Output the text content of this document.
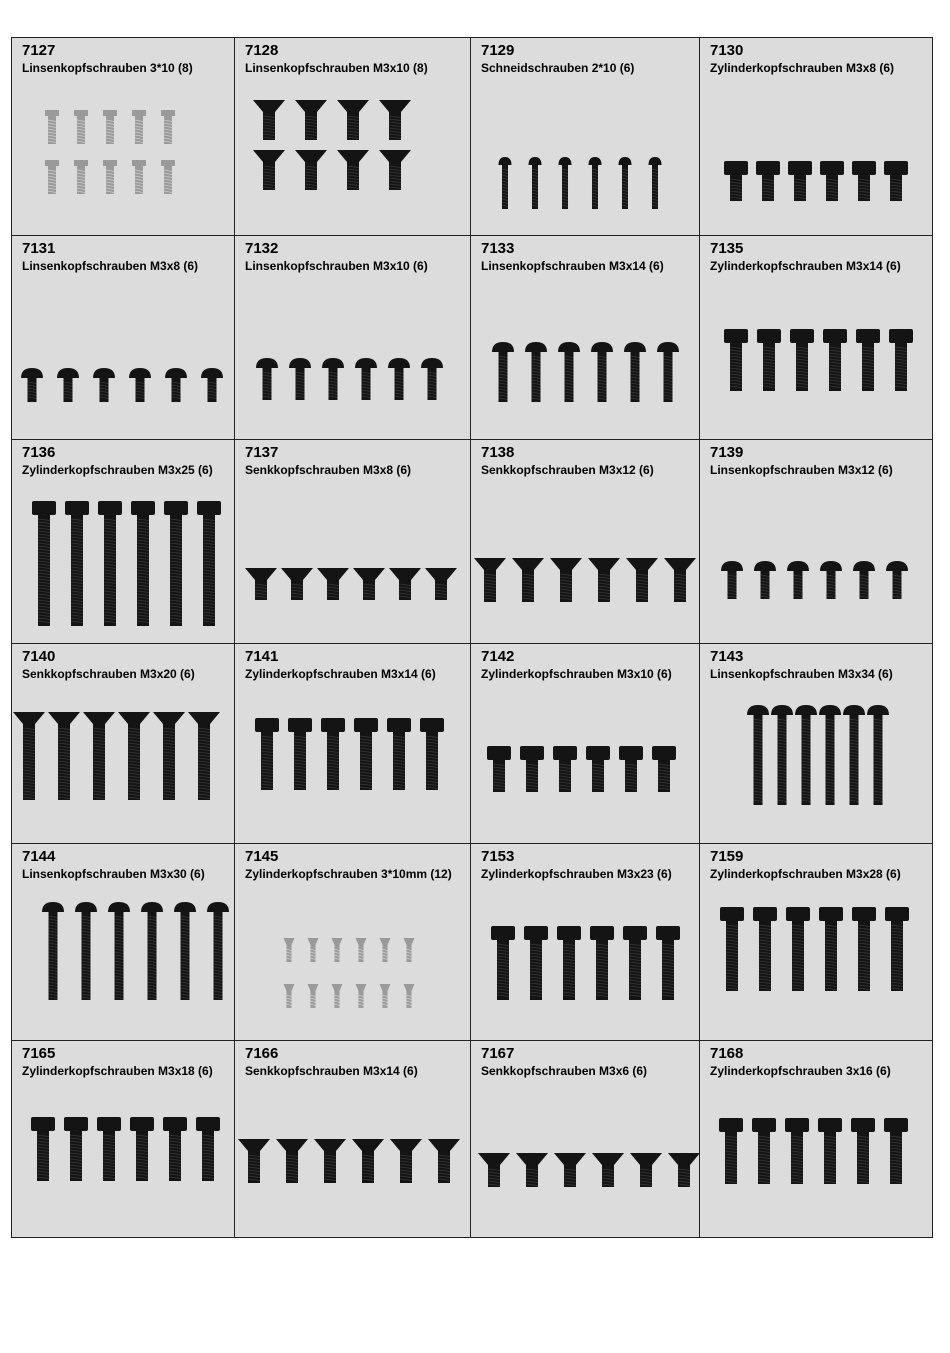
7127
Linsenkopfschrauben 3*10 (8)
7128
Linsenkopfschrauben M3x10 (8)
7129
Schneidschrauben 2*10 (6)
7130
Zylinderkopfschrauben M3x8 (6)
7131
Linsenkopfschrauben M3x8 (6)
7132
Linsenkopfschrauben M3x10 (6)
7133
Linsenkopfschrauben M3x14 (6)
7135
Zylinderkopfschrauben M3x14 (6)
7136
Zylinderkopfschrauben M3x25 (6)
7137
Senkkopfschrauben M3x8 (6)
7138
Senkkopfschrauben M3x12 (6)
7139
Linsenkopfschrauben M3x12 (6)
7140
Senkkopfschrauben M3x20 (6)
7141
Zylinderkopfschrauben M3x14 (6)
7142
Zylinderkopfschrauben M3x10 (6)
7143
Linsenkopfschrauben M3x34 (6)
7144
Linsenkopfschrauben M3x30 (6)
7145
Zylinderkopfschrauben 3*10mm (12)
7153
Zylinderkopfschrauben M3x23 (6)
7159
Zylinderkopfschrauben M3x28 (6)
7165
Zylinderkopfschrauben M3x18 (6)
7166
Senkkopfschrauben M3x14 (6)
7167
Senkkopfschrauben M3x6 (6)
7168
Zylinderkopfschrauben 3x16 (6)
